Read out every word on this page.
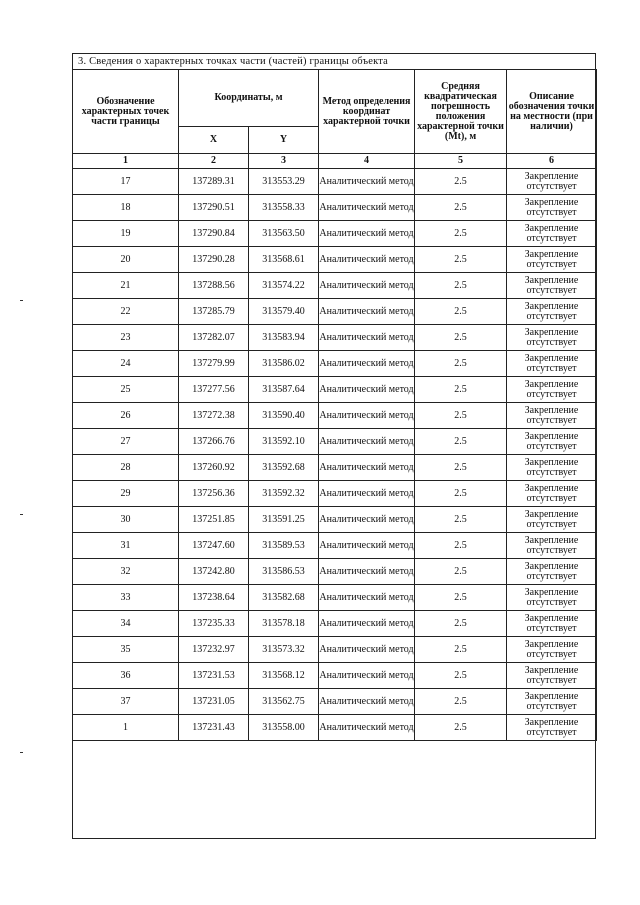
3. Сведения о характерных точках части (частей) границы объекта
Обозначение характерных точек части границы	Координаты, м		Метод определения координат характерной точки	Средняя квадратическая погрешность положения характерной точки (Mt), м	Описание обозначения точки на местности (при наличии)
	X	Y			
1	2	3	4	5	6
17	137289.31	313553.29	Аналитический метод	2.5	Закрепление отсутствует
18	137290.51	313558.33	Аналитический метод	2.5	Закрепление отсутствует
19	137290.84	313563.50	Аналитический метод	2.5	Закрепление отсутствует
20	137290.28	313568.61	Аналитический метод	2.5	Закрепление отсутствует
21	137288.56	313574.22	Аналитический метод	2.5	Закрепление отсутствует
22	137285.79	313579.40	Аналитический метод	2.5	Закрепление отсутствует
23	137282.07	313583.94	Аналитический метод	2.5	Закрепление отсутствует
24	137279.99	313586.02	Аналитический метод	2.5	Закрепление отсутствует
25	137277.56	313587.64	Аналитический метод	2.5	Закрепление отсутствует
26	137272.38	313590.40	Аналитический метод	2.5	Закрепление отсутствует
27	137266.76	313592.10	Аналитический метод	2.5	Закрепление отсутствует
28	137260.92	313592.68	Аналитический метод	2.5	Закрепление отсутствует
29	137256.36	313592.32	Аналитический метод	2.5	Закрепление отсутствует
30	137251.85	313591.25	Аналитический метод	2.5	Закрепление отсутствует
31	137247.60	313589.53	Аналитический метод	2.5	Закрепление отсутствует
32	137242.80	313586.53	Аналитический метод	2.5	Закрепление отсутствует
33	137238.64	313582.68	Аналитический метод	2.5	Закрепление отсутствует
34	137235.33	313578.18	Аналитический метод	2.5	Закрепление отсутствует
35	137232.97	313573.32	Аналитический метод	2.5	Закрепление отсутствует
36	137231.53	313568.12	Аналитический метод	2.5	Закрепление отсутствует
37	137231.05	313562.75	Аналитический метод	2.5	Закрепление отсутствует
1	137231.43	313558.00	Аналитический метод	2.5	Закрепление отсутствует
